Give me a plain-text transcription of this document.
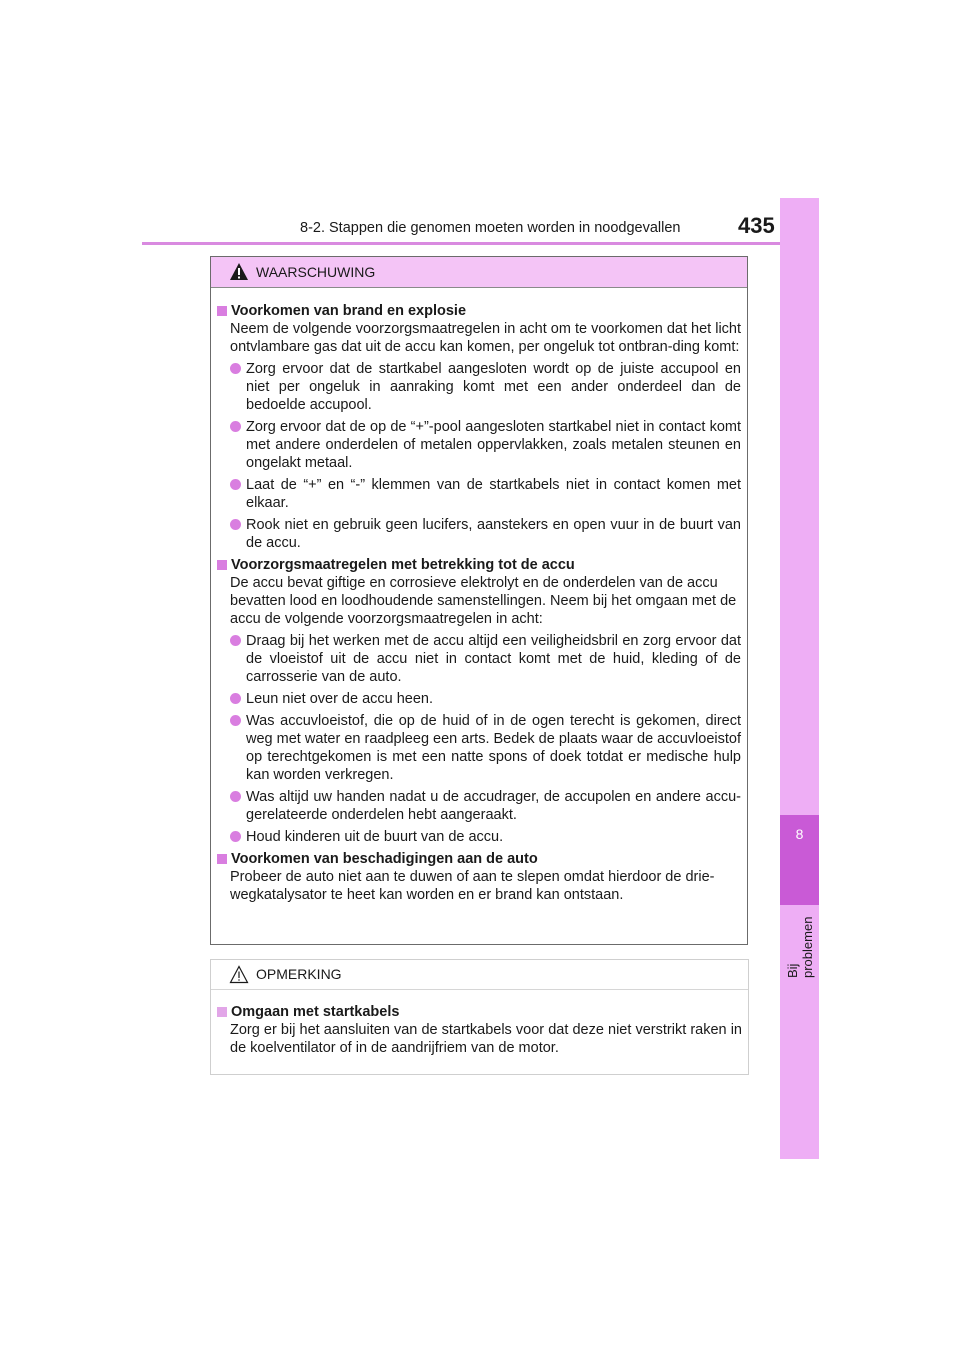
8-2. Stappen die genomen moeten worden in noodgevallen	435
8
Bij problemen
WAARSCHUWING
Voorkomen van brand en explosie
Neem de volgende voorzorgsmaatregelen in acht om te voorkomen dat het licht ontvlambare gas dat uit de accu kan komen, per ongeluk tot ontbran-ding komt:
Zorg ervoor dat de startkabel aangesloten wordt op de juiste accupool en niet per ongeluk in aanraking komt met een ander onderdeel dan de bedoelde accupool.
Zorg ervoor dat de op de “+”-pool aangesloten startkabel niet in contact komt met andere onderdelen of metalen oppervlakken, zoals metalen steunen en ongelakt metaal.
Laat de “+” en “-” klemmen van de startkabels niet in contact komen met elkaar.
Rook niet en gebruik geen lucifers, aanstekers en open vuur in de buurt van de accu.
Voorzorgsmaatregelen met betrekking tot de accu
De accu bevat giftige en corrosieve elektrolyt en de onderdelen van de accu bevatten lood en loodhoudende samenstellingen. Neem bij het omgaan met de accu de volgende voorzorgsmaatregelen in acht:
Draag bij het werken met de accu altijd een veiligheidsbril en zorg ervoor dat de vloeistof uit de accu niet in contact komt met de huid, kleding of de carrosserie van de auto.
Leun niet over de accu heen.
Was accuvloeistof, die op de huid of in de ogen terecht is gekomen, direct weg met water en raadpleeg een arts. Bedek de plaats waar de accuvloeistof op terechtgekomen is met een natte spons of doek totdat er medische hulp kan worden verkregen.
Was altijd uw handen nadat u de accudrager, de accupolen en andere accu-gerelateerde onderdelen hebt aangeraakt.
Houd kinderen uit de buurt van de accu.
Voorkomen van beschadigingen aan de auto
Probeer de auto niet aan te duwen of aan te slepen omdat hierdoor de drie-wegkatalysator te heet kan worden en er brand kan ontstaan.
OPMERKING
Omgaan met startkabels
Zorg er bij het aansluiten van de startkabels voor dat deze niet verstrikt raken in de koelventilator of in de aandrijfriem van de motor.
